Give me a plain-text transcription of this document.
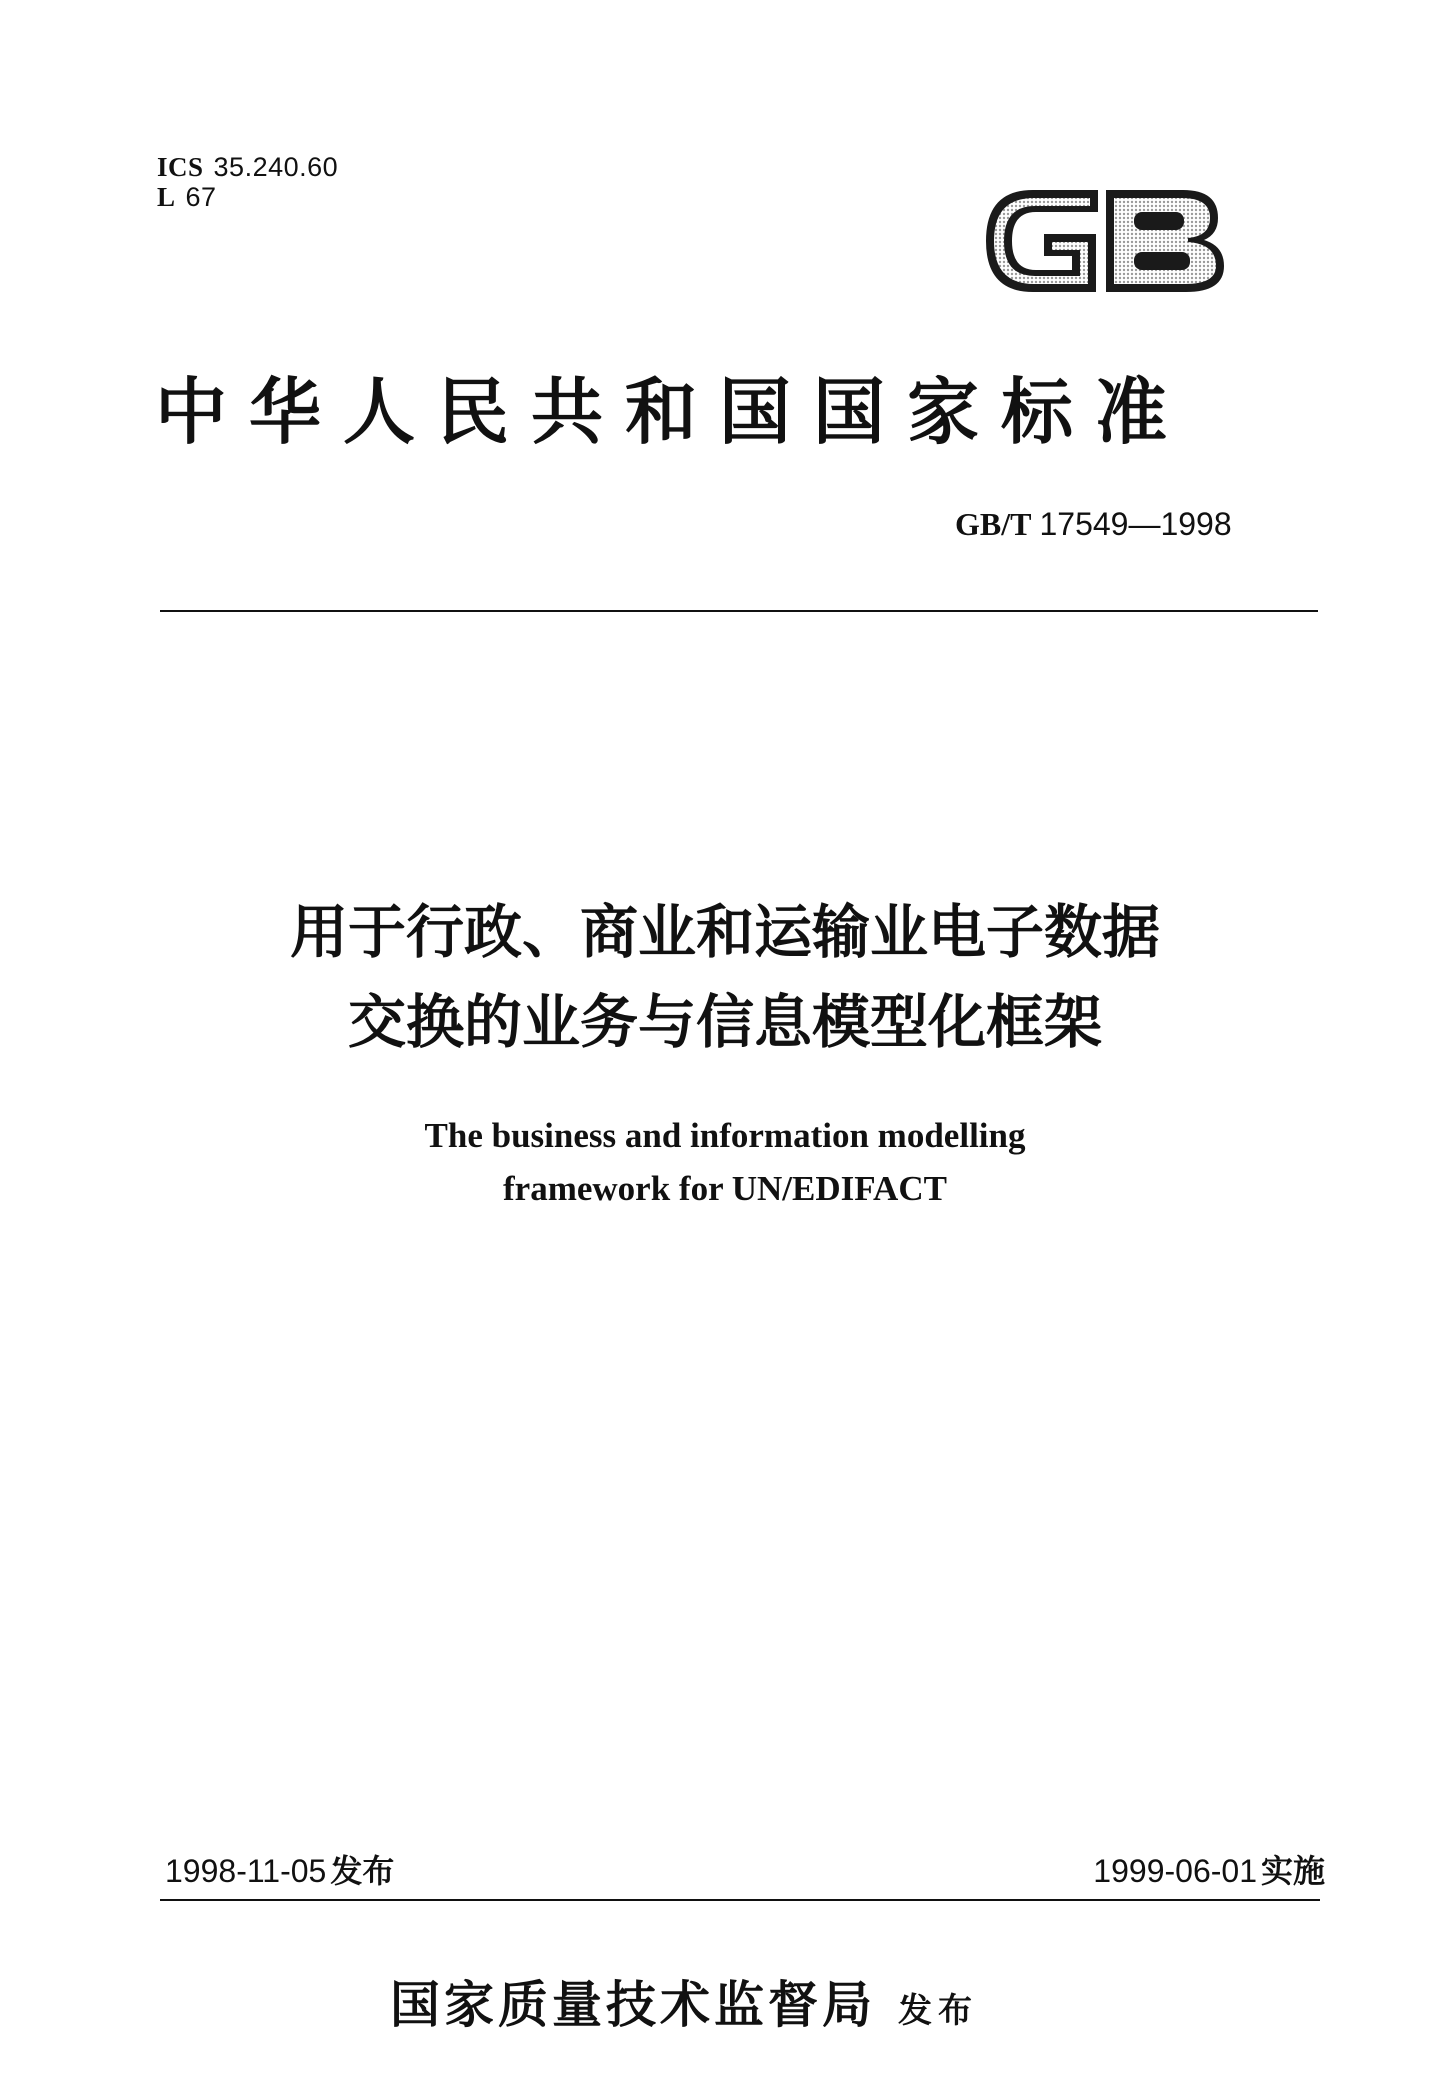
ICS 35.240.60
L 67
中华人民共和国国家标准
GB/T 17549—1998
用于行政、商业和运输业电子数据
交换的业务与信息模型化框架
The business and information modelling
framework for UN/EDIFACT
1998-11-05 发布	1999-06-01 实施
国家质量技术监督局 发布
